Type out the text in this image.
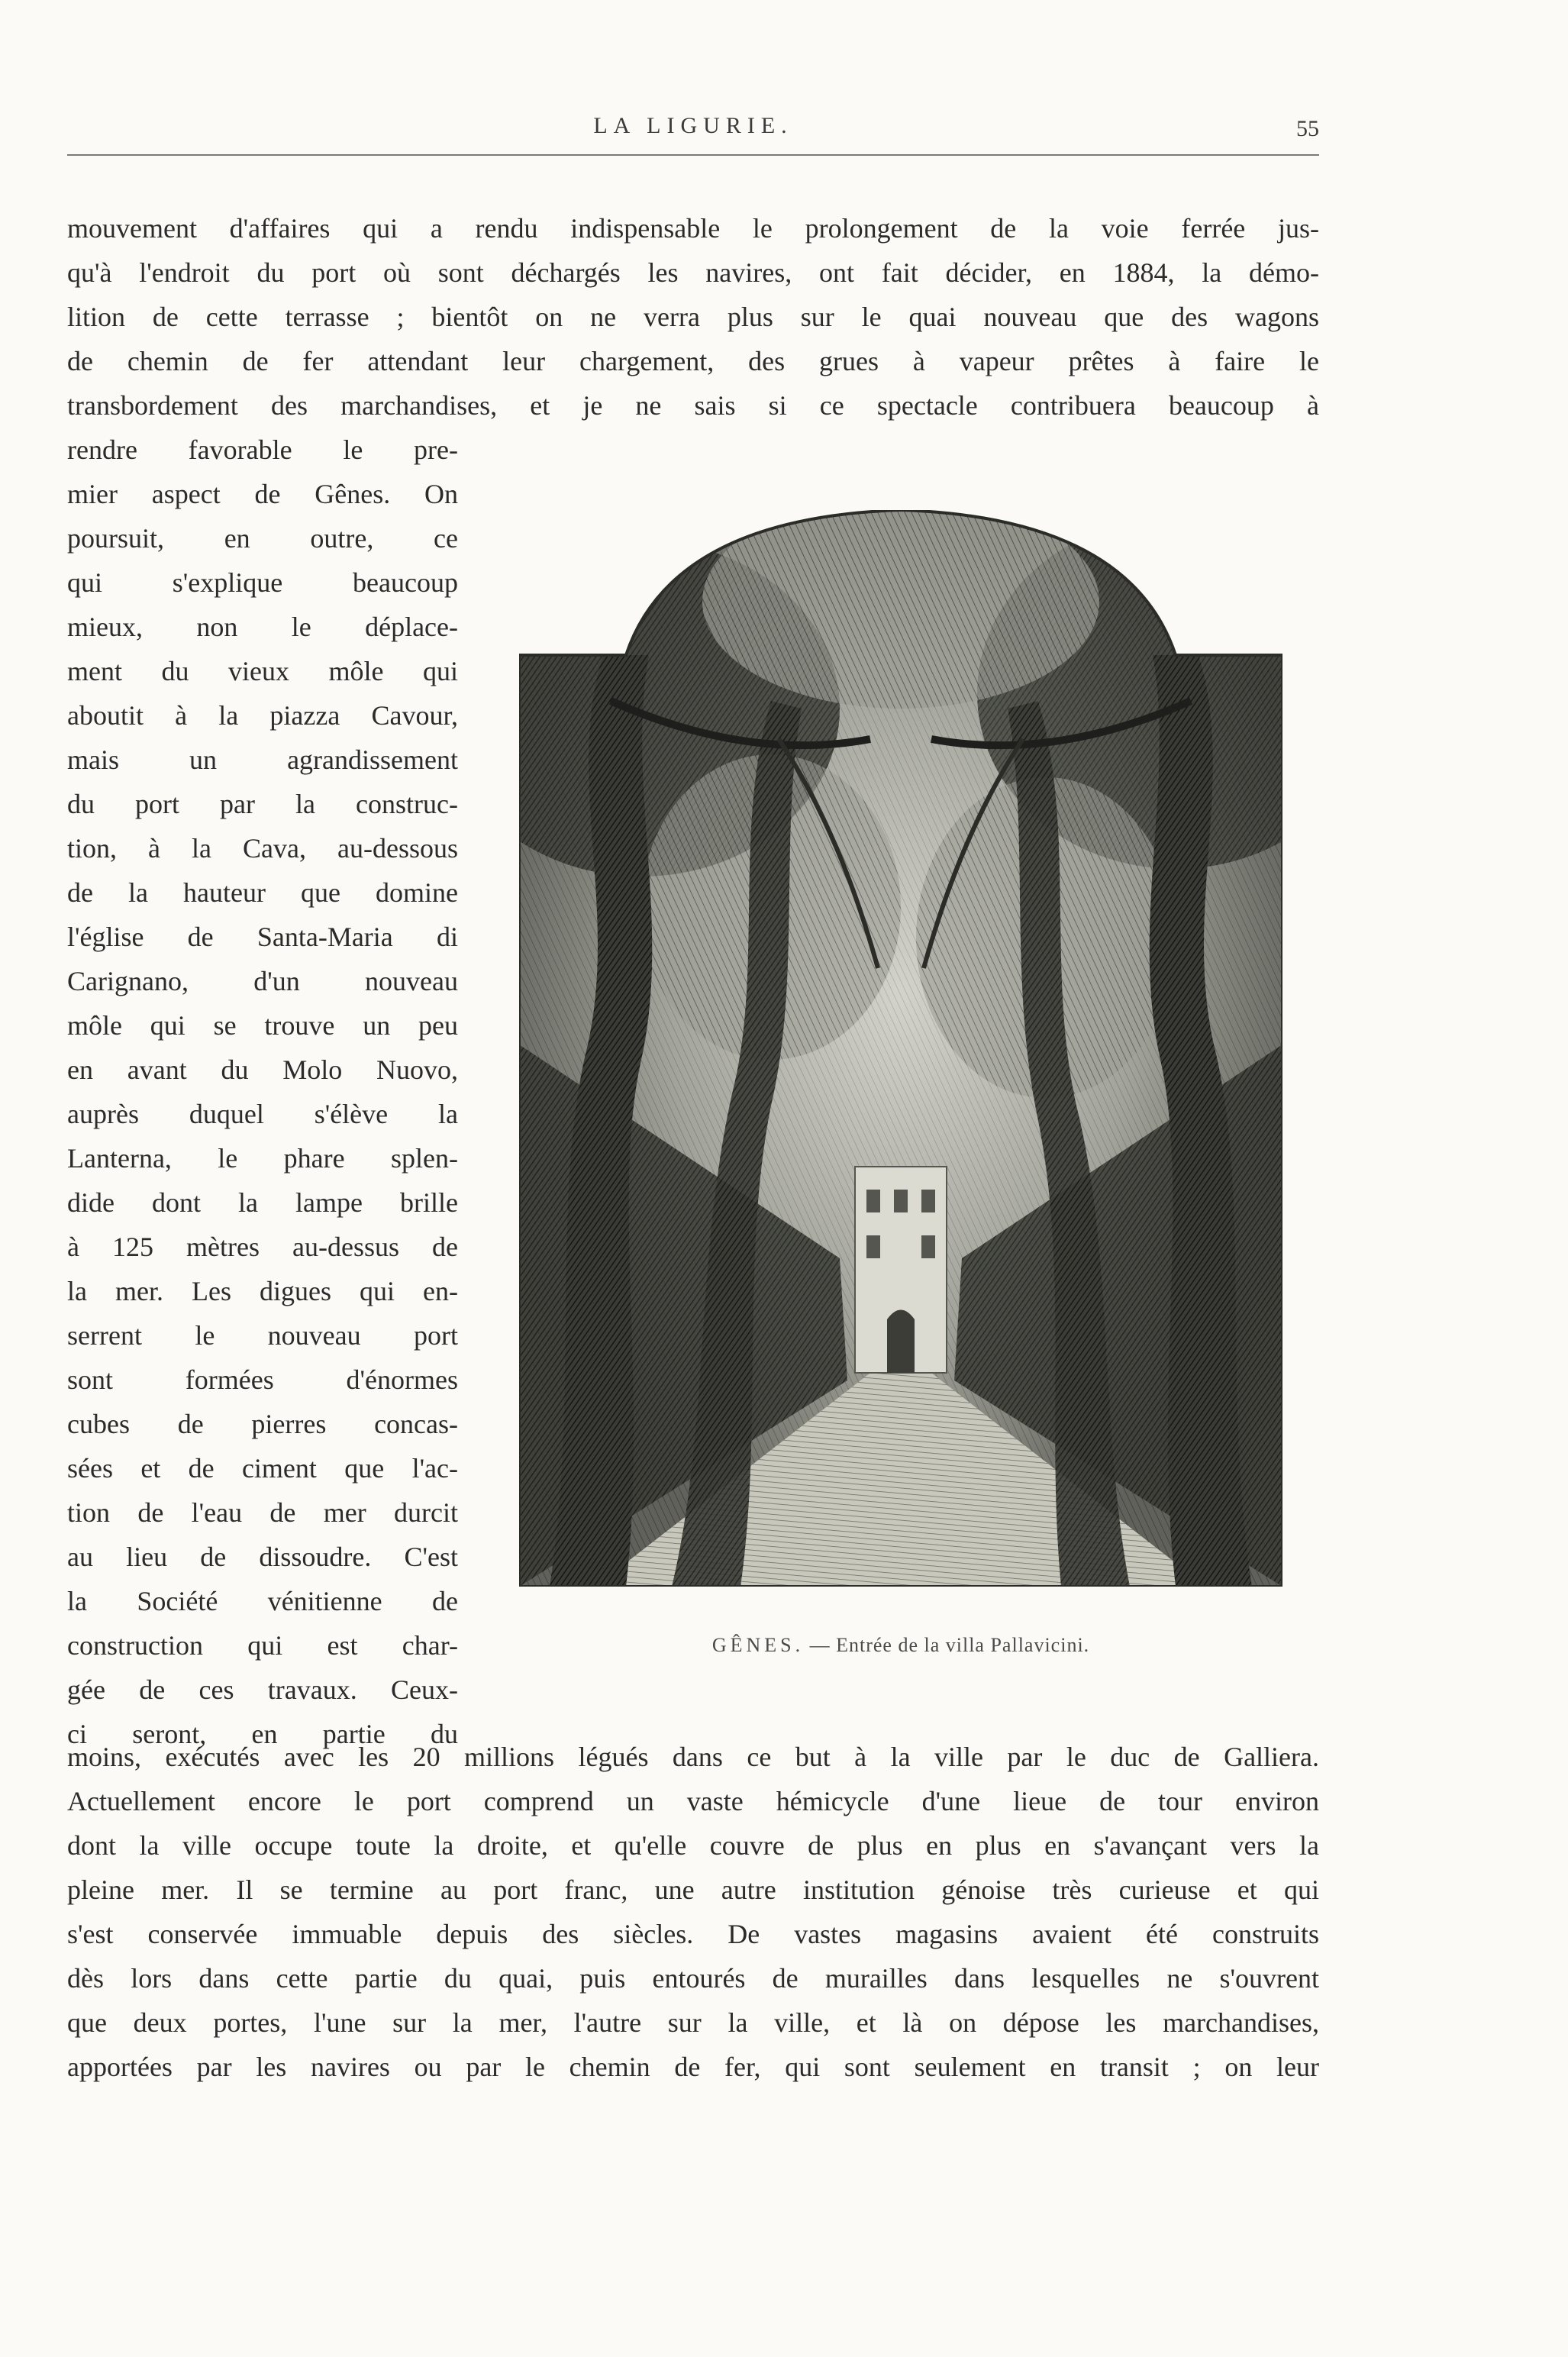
LA LIGURIE.	55
mouvement d'affaires qui a rendu indispensable le prolongement de la voie ferrée jus-
qu'à l'endroit du port où sont déchargés les navires, ont fait décider, en 1884, la démo-
lition de cette terrasse ; bientôt on ne verra plus sur le quai nouveau que des wagons
de chemin de fer attendant leur chargement, des grues à vapeur prêtes à faire le
transbordement des marchandises, et je ne sais si ce spectacle contribuera beaucoup à
rendre favorable le pre-
mier aspect de Gênes. On
poursuit, en outre, ce
qui s'explique beaucoup
mieux, non le déplace-
ment du vieux môle qui
aboutit à la piazza Cavour,
mais un agrandissement
du port par la construc-
tion, à la Cava, au-dessous
de la hauteur que domine
l'église de Santa-Maria di
Carignano, d'un nouveau
môle qui se trouve un peu
en avant du Molo Nuovo,
auprès duquel s'élève la
Lanterna, le phare splen-
dide dont la lampe brille
à 125 mètres au-dessus de
la mer. Les digues qui en-
serrent le nouveau port
sont formées d'énormes
cubes de pierres concas-
sées et de ciment que l'ac-
tion de l'eau de mer durcit
au lieu de dissoudre. C'est
la Société vénitienne de
construction qui est char-
gée de ces travaux. Ceux-
ci seront, en partie du
GÊNES. — Entrée de la villa Pallavicini.
moins, exécutés avec les 20 millions légués dans ce but à la ville par le duc de Galliera.
Actuellement encore le port comprend un vaste hémicycle d'une lieue de tour environ
dont la ville occupe toute la droite, et qu'elle couvre de plus en plus en s'avançant vers la
pleine mer. Il se termine au port franc, une autre institution génoise très curieuse et qui
s'est conservée immuable depuis des siècles. De vastes magasins avaient été construits
dès lors dans cette partie du quai, puis entourés de murailles dans lesquelles ne s'ouvrent
que deux portes, l'une sur la mer, l'autre sur la ville, et là on dépose les marchandises,
apportées par les navires ou par le chemin de fer, qui sont seulement en transit ; on leur
